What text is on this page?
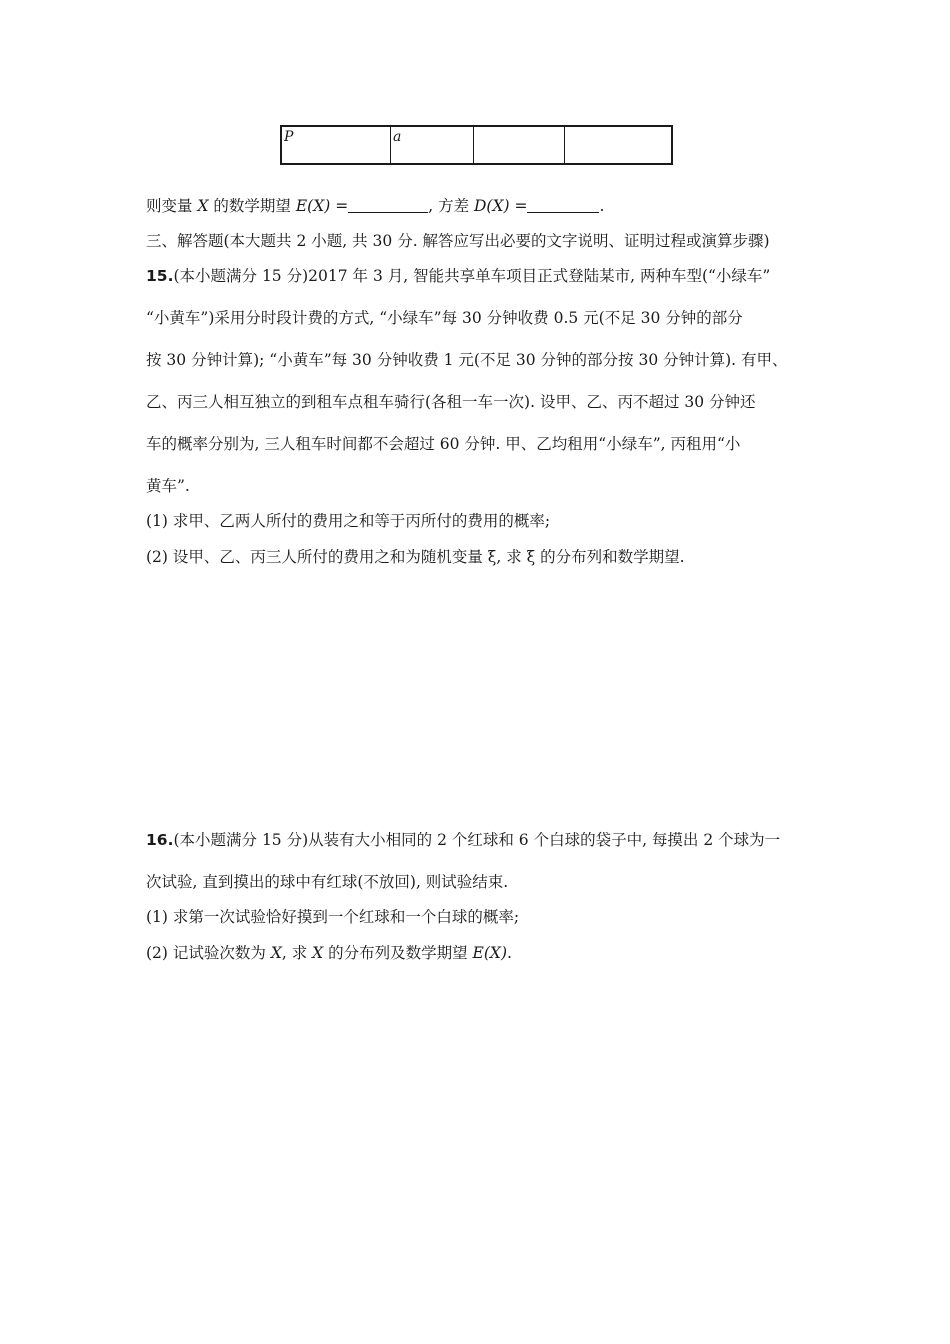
P	a		
则变量 X 的数学期望 E(X) =	, 方差 D(X) =	.
三、解答题(本大题共 2 小题, 共 30 分. 解答应写出必要的文字说明、证明过程或演算步骤)
15.(本小题满分 15 分)2017 年 3 月, 智能共享单车项目正式登陆某市, 两种车型(“小绿车”
“小黄车”)采用分时段计费的方式, “小绿车”每 30 分钟收费 0.5 元(不足 30 分钟的部分
按 30 分钟计算); “小黄车”每 30 分钟收费 1 元(不足 30 分钟的部分按 30 分钟计算). 有甲、
乙、丙三人相互独立的到租车点租车骑行(各租一车一次). 设甲、乙、丙不超过 30 分钟还
车的概率分别为, 三人租车时间都不会超过 60 分钟. 甲、乙均租用“小绿车”, 丙租用“小
黄车”.
(1) 求甲、乙两人所付的费用之和等于丙所付的费用的概率;
(2) 设甲、乙、丙三人所付的费用之和为随机变量 ξ, 求 ξ 的分布列和数学期望.
16.(本小题满分 15 分)从装有大小相同的 2 个红球和 6 个白球的袋子中, 每摸出 2 个球为一
次试验, 直到摸出的球中有红球(不放回), 则试验结束.
(1) 求第一次试验恰好摸到一个红球和一个白球的概率;
(2) 记试验次数为 X, 求 X 的分布列及数学期望 E(X).
